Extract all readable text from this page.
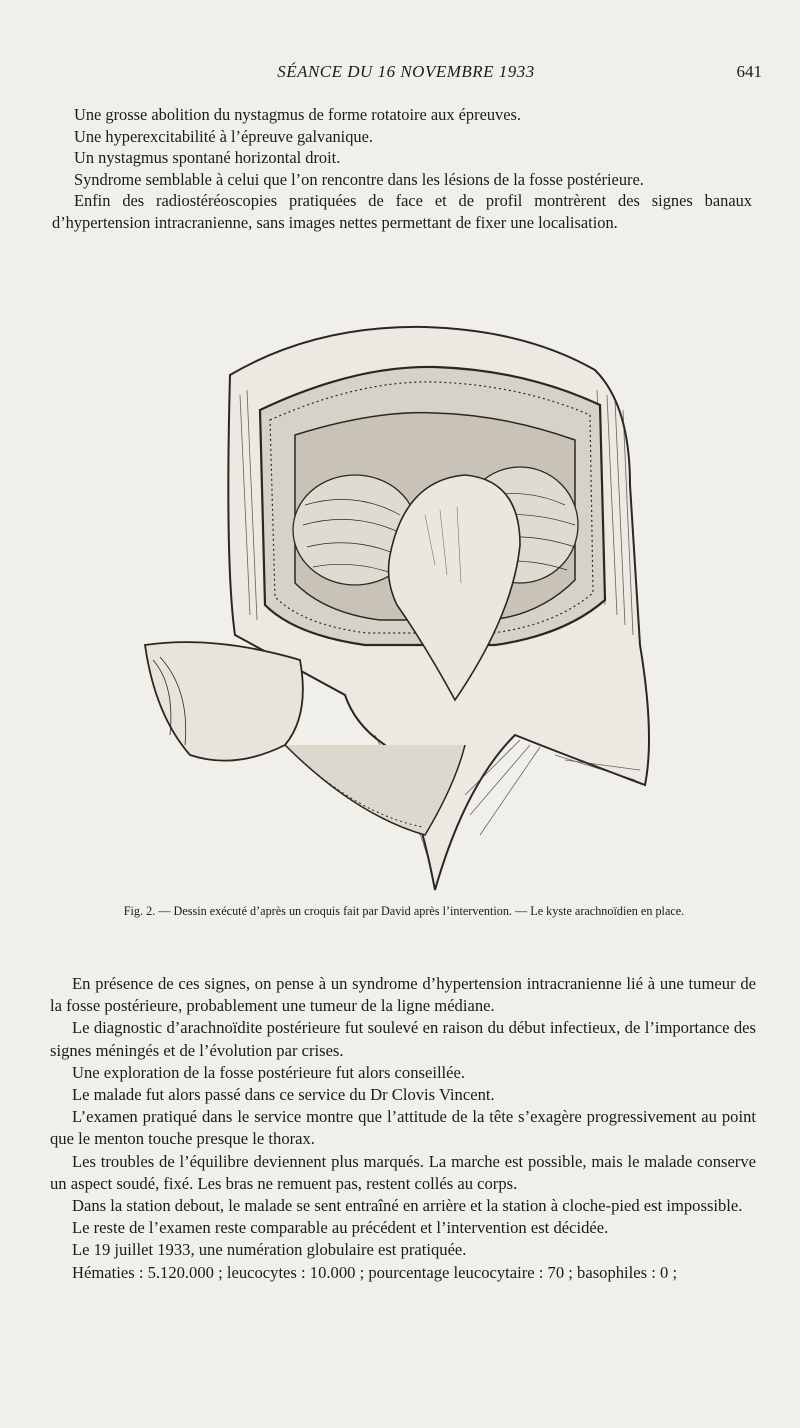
SÉANCE DU 16 NOVEMBRE 1933	641

Une grosse abolition du nystagmus de forme rotatoire aux épreuves.

Une hyperexcitabilité à l’épreuve galvanique.

Un nystagmus spontané horizontal droit.

Syndrome semblable à celui que l’on rencontre dans les lésions de la fosse postérieure.

Enfin des radiostéréoscopies pratiquées de face et de profil montrèrent des signes banaux d’hypertension intracranienne, sans images nettes permettant de fixer une localisation.

Fig. 2. — Dessin exécuté d’après un croquis fait par David après l’intervention. — Le kyste arachnoïdien en place.

En présence de ces signes, on pense à un syndrome d’hypertension intracranienne lié à une tumeur de la fosse postérieure, probablement une tumeur de la ligne médiane.

Le diagnostic d’arachnoïdite postérieure fut soulevé en raison du début infectieux, de l’importance des signes méningés et de l’évolution par crises.

Une exploration de la fosse postérieure fut alors conseillée.

Le malade fut alors passé dans ce service du Dr Clovis Vincent.

L’examen pratiqué dans le service montre que l’attitude de la tête s’exagère progressivement au point que le menton touche presque le thorax.

Les troubles de l’équilibre deviennent plus marqués. La marche est possible, mais le malade conserve un aspect soudé, fixé. Les bras ne remuent pas, restent collés au corps.

Dans la station debout, le malade se sent entraîné en arrière et la station à cloche-pied est impossible.

Le reste de l’examen reste comparable au précédent et l’intervention est décidée.

Le 19 juillet 1933, une numération globulaire est pratiquée.

Hématies : 5.120.000 ; leucocytes : 10.000 ; pourcentage leucocytaire : 70 ; basophiles : 0 ;
